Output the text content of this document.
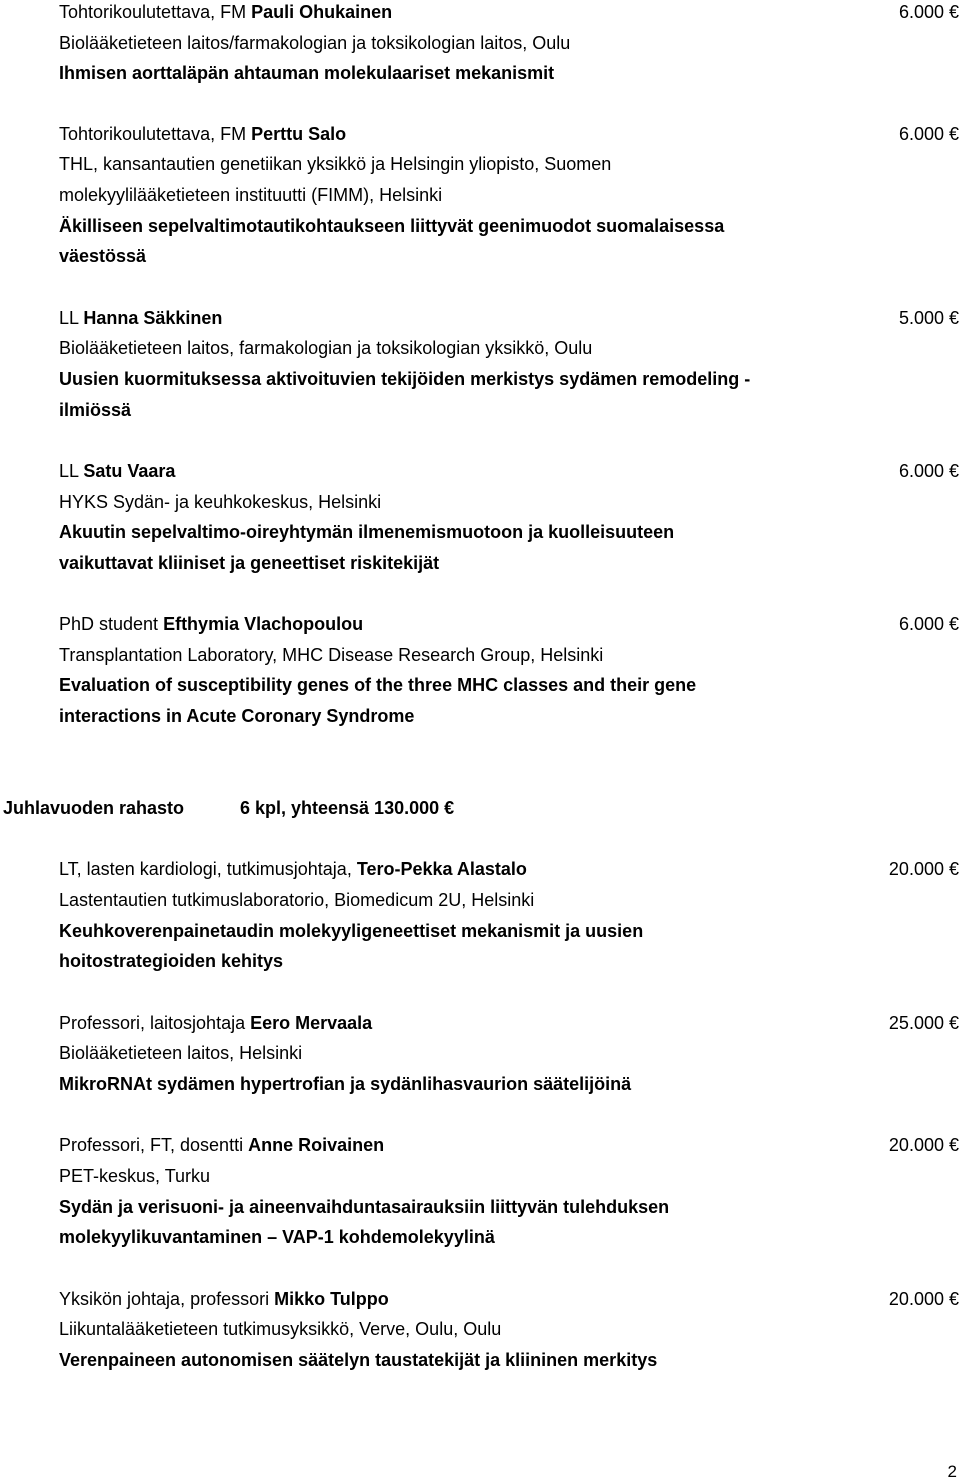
Tohtorikoulutettava, FM Pauli Ohukainen	6.000 €
Biolääketieteen laitos/farmakologian ja toksikologian laitos, Oulu
Ihmisen aorttaläpän ahtauman molekulaariset mekanismit
Tohtorikoulutettava, FM Perttu Salo	6.000 €
THL, kansantautien genetiikan yksikkö ja Helsingin yliopisto, Suomen
molekyylilääketieteen instituutti (FIMM), Helsinki
Äkilliseen sepelvaltimotautikohtaukseen liittyvät geenimuodot suomalaisessa
väestössä
LL Hanna Säkkinen	5.000 €
Biolääketieteen laitos, farmakologian ja toksikologian yksikkö, Oulu
Uusien kuormituksessa aktivoituvien tekijöiden merkistys sydämen remodeling -
ilmiössä
LL Satu Vaara	6.000 €
HYKS Sydän- ja keuhkokeskus, Helsinki
Akuutin sepelvaltimo-oireyhtymän ilmenemismuotoon ja kuolleisuuteen
vaikuttavat kliiniset ja geneettiset riskitekijät
PhD student Efthymia Vlachopoulou	6.000 €
Transplantation Laboratory, MHC Disease Research Group, Helsinki
Evaluation of susceptibility genes of the three MHC classes and their gene
interactions in Acute Coronary Syndrome
Juhlavuoden rahasto	6 kpl, yhteensä 130.000 €
LT, lasten kardiologi, tutkimusjohtaja, Tero-Pekka Alastalo	20.000 €
Lastentautien tutkimuslaboratorio, Biomedicum 2U, Helsinki
Keuhkoverenpainetaudin molekyyligeneettiset mekanismit ja uusien
hoitostrategioiden kehitys
Professori, laitosjohtaja Eero Mervaala	25.000 €
Biolääketieteen laitos, Helsinki
MikroRNAt sydämen hypertrofian ja sydänlihasvaurion säätelijöinä
Professori, FT, dosentti Anne Roivainen	20.000 €
PET-keskus, Turku
Sydän ja verisuoni- ja aineenvaihduntasairauksiin liittyvän tulehduksen
molekyylikuvantaminen – VAP-1 kohdemolekyylinä
Yksikön johtaja, professori Mikko Tulppo	20.000 €
Liikuntalääketieteen tutkimusyksikkö, Verve, Oulu, Oulu
Verenpaineen autonomisen säätelyn taustatekijät ja kliininen merkitys
2
